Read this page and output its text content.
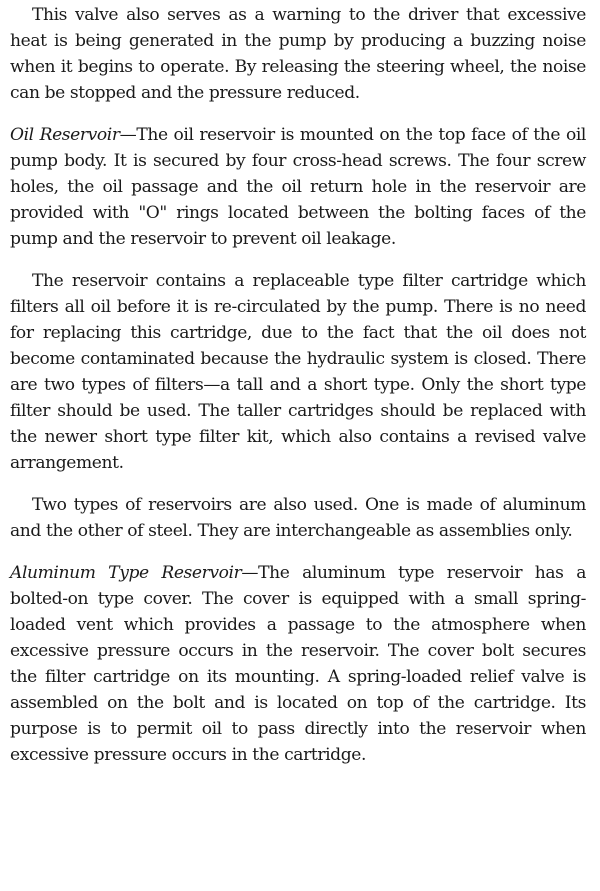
This valve also serves as a warning to the driver that excessive heat is being generated in the pump by producing a buzzing noise when it begins to operate. By releasing the steering wheel, the noise can be stopped and the pressure reduced.

Oil Reservoir—The oil reservoir is mounted on the top face of the oil pump body. It is secured by four cross-head screws. The four screw holes, the oil passage and the oil return hole in the reservoir are provided with "O" rings located between the bolting faces of the pump and the reservoir to prevent oil leakage.

The reservoir contains a replaceable type filter cartridge which filters all oil before it is re-circulated by the pump. There is no need for replacing this cartridge, due to the fact that the oil does not become contaminated because the hydraulic system is closed. There are two types of filters—a tall and a short type. Only the short type filter should be used. The taller cartridges should be replaced with the newer short type filter kit, which also contains a revised valve arrangement.

Two types of reservoirs are also used. One is made of aluminum and the other of steel. They are interchangeable as assemblies only.

Aluminum Type Reservoir—The aluminum type reservoir has a bolted-on type cover. The cover is equipped with a small spring-loaded vent which provides a passage to the atmosphere when excessive pressure occurs in the reservoir. The cover bolt secures the filter cartridge on its mounting. A spring-loaded relief valve is assembled on the bolt and is located on top of the cartridge. Its purpose is to permit oil to pass directly into the reservoir when excessive pressure occurs in the cartridge.
